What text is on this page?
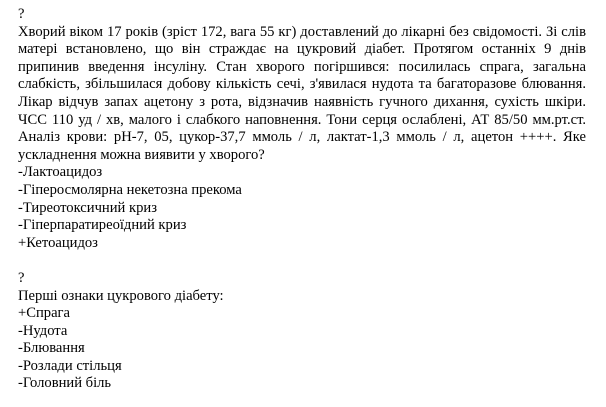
?

Хворий віком 17 років (зріст 172, вага 55 кг) доставлений до лікарні без свідомості. Зі слів матері встановлено, що він страждає на цукровий діабет. Протягом останніх 9 днів припинив введення інсуліну. Стан хворого погіршився: посилилась спрага, загальна слабкість, збільшилася добову кількість сечі, з'явилася нудота та багаторазове блювання. Лікар відчув запах ацетону з рота, відзначив наявність гучного дихання, сухість шкіри. ЧСС 110 уд / хв, малого і слабкого наповнення. Тони серця ослаблені, АТ 85/50 мм.рт.ст. Аналіз крови: рН-7, 05, цукор-37,7 ммоль / л, лактат-1,3 ммоль / л, ацетон ++++. Яке ускладнення можна виявити у хворого?

-Лактоацидоз
-Гіперосмолярна некетозна прекома
-Тиреотоксичний криз
-Гіперпаратиреоїдний криз
+Кетоацидоз

?

Перші ознаки цукрового діабету:

+Спрага
-Нудота
-Блювання
-Розлади стільця
-Головний біль
